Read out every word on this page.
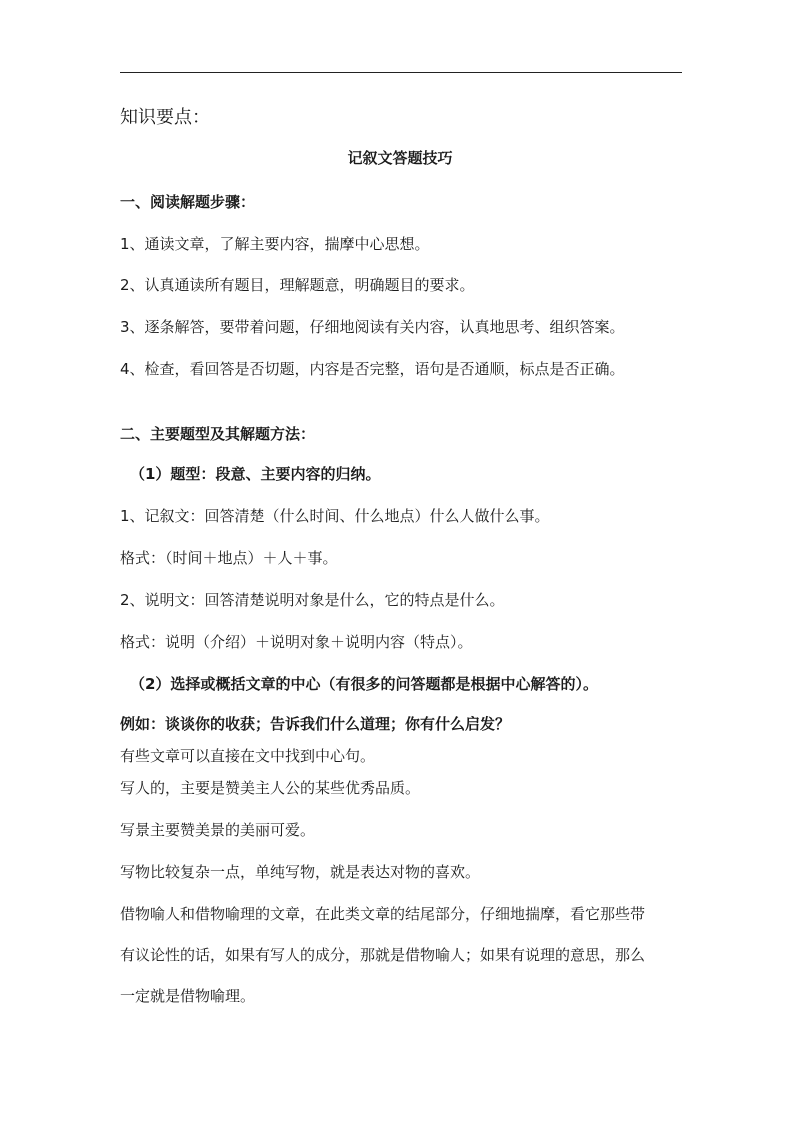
知识要点：
记叙文答题技巧
一、阅读解题步骤：
1、通读文章，了解主要内容，揣摩中心思想。
2、认真通读所有题目，理解题意，明确题目的要求。
3、逐条解答，要带着问题，仔细地阅读有关内容，认真地思考、组织答案。
4、检查，看回答是否切题，内容是否完整，语句是否通顺，标点是否正确。
二、主要题型及其解题方法：
（1）题型：段意、主要内容的归纳。
1、记叙文：回答清楚（什么时间、什么地点）什么人做什么事。
格式：（时间＋地点）＋人＋事。
2、说明文：回答清楚说明对象是什么，它的特点是什么。
格式：说明（介绍）＋说明对象＋说明内容（特点）。
（2）选择或概括文章的中心（有很多的问答题都是根据中心解答的）。
例如：谈谈你的收获；告诉我们什么道理；你有什么启发？
有些文章可以直接在文中找到中心句。
写人的，主要是赞美主人公的某些优秀品质。
写景主要赞美景的美丽可爱。
写物比较复杂一点，单纯写物，就是表达对物的喜欢。
借物喻人和借物喻理的文章，在此类文章的结尾部分，仔细地揣摩，看它那些带
有议论性的话，如果有写人的成分，那就是借物喻人；如果有说理的意思，那么
一定就是借物喻理。
